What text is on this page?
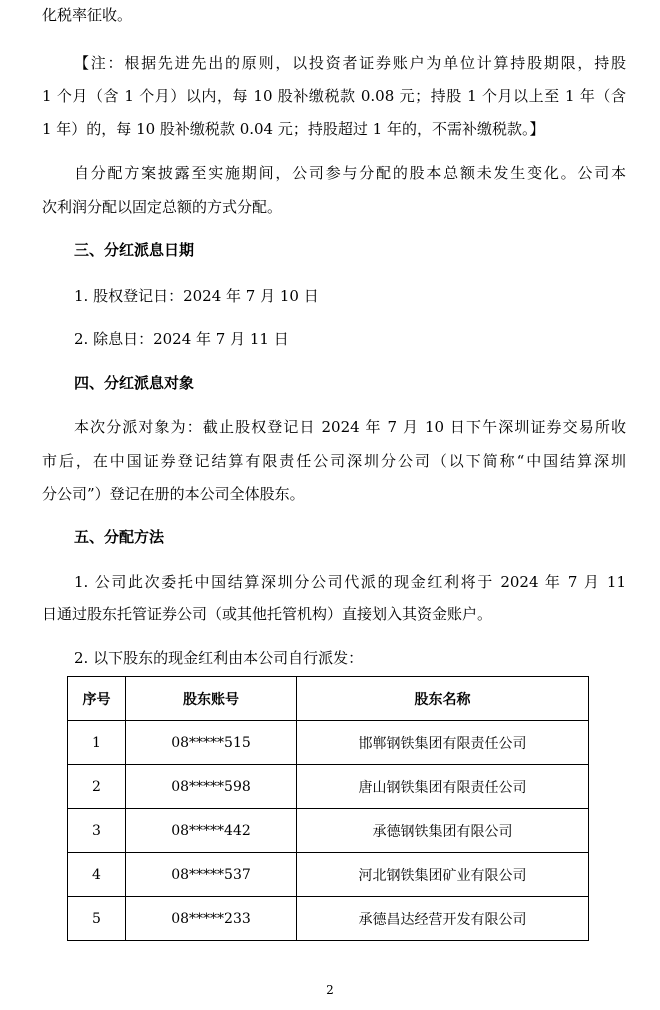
化税率征收。
【注：根据先进先出的原则，以投资者证券账户为单位计算持股期限，持股
1 个月（含 1 个月）以内，每 10 股补缴税款 0.08 元；持股 1 个月以上至 1 年（含
1 年）的，每 10 股补缴税款 0.04 元；持股超过 1 年的，不需补缴税款。】
自分配方案披露至实施期间，公司参与分配的股本总额未发生变化。公司本
次利润分配以固定总额的方式分配。
三、分红派息日期
1. 股权登记日：2024 年 7 月 10 日
2. 除息日：2024 年 7 月 11 日
四、分红派息对象
本次分派对象为：截止股权登记日 2024 年 7 月 10 日下午深圳证券交易所收
市后，在中国证券登记结算有限责任公司深圳分公司（以下简称“中国结算深圳
分公司”）登记在册的本公司全体股东。
五、分配方法
1. 公司此次委托中国结算深圳分公司代派的现金红利将于 2024 年 7 月 11
日通过股东托管证券公司（或其他托管机构）直接划入其资金账户。
2. 以下股东的现金红利由本公司自行派发：
序号	股东账号	股东名称
1	08*****515	邯郸钢铁集团有限责任公司
2	08*****598	唐山钢铁集团有限责任公司
3	08*****442	承德钢铁集团有限公司
4	08*****537	河北钢铁集团矿业有限公司
5	08*****233	承德昌达经营开发有限公司
2
